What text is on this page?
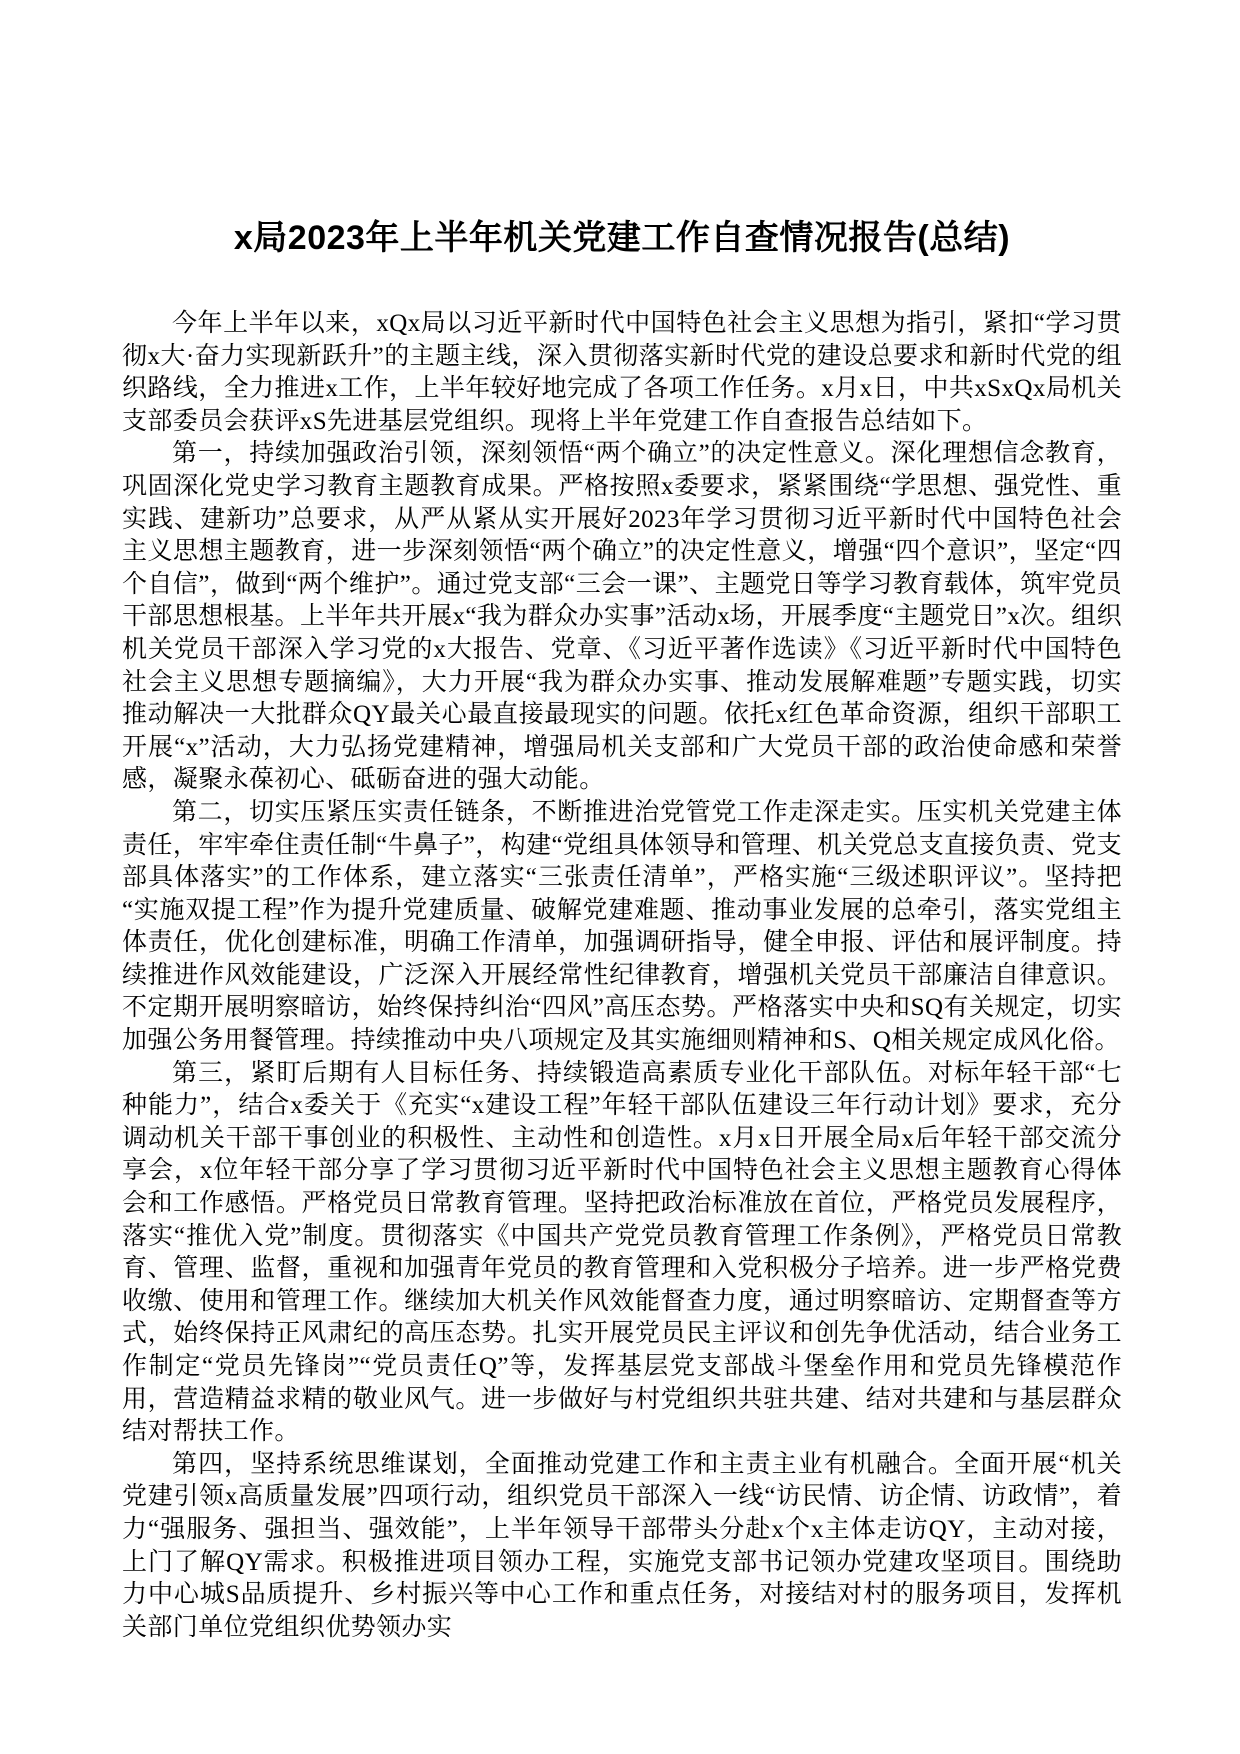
x局2023年上半年机关党建工作自查情况报告(总结)

今年上半年以来，xQx局以习近平新时代中国特色社会主义思想为指引，紧扣“学习贯彻x大·奋力实现新跃升”的主题主线，深入贯彻落实新时代党的建设总要求和新时代党的组织路线，全力推进x工作，上半年较好地完成了各项工作任务。x月x日，中共xSxQx局机关支部委员会获评xS先进基层党组织。现将上半年党建工作自查报告总结如下。

第一，持续加强政治引领，深刻领悟“两个确立”的决定性意义。深化理想信念教育，巩固深化党史学习教育主题教育成果。严格按照x委要求，紧紧围绕“学思想、强党性、重实践、建新功”总要求，从严从紧从实开展好2023年学习贯彻习近平新时代中国特色社会主义思想主题教育，进一步深刻领悟“两个确立”的决定性意义，增强“四个意识”，坚定“四个自信”，做到“两个维护”。通过党支部“三会一课”、主题党日等学习教育载体，筑牢党员干部思想根基。上半年共开展x“我为群众办实事”活动x场，开展季度“主题党日”x次。组织机关党员干部深入学习党的x大报告、党章、《习近平著作选读》《习近平新时代中国特色社会主义思想专题摘编》，大力开展“我为群众办实事、推动发展解难题”专题实践，切实推动解决一大批群众QY最关心最直接最现实的问题。依托x红色革命资源，组织干部职工开展“x”活动，大力弘扬党建精神，增强局机关支部和广大党员干部的政治使命感和荣誉感，凝聚永葆初心、砥砺奋进的强大动能。

第二，切实压紧压实责任链条，不断推进治党管党工作走深走实。压实机关党建主体责任，牢牢牵住责任制“牛鼻子”，构建“党组具体领导和管理、机关党总支直接负责、党支部具体落实”的工作体系，建立落实“三张责任清单”，严格实施“三级述职评议”。坚持把“实施双提工程”作为提升党建质量、破解党建难题、推动事业发展的总牵引，落实党组主体责任，优化创建标准，明确工作清单，加强调研指导，健全申报、评估和展评制度。持续推进作风效能建设，广泛深入开展经常性纪律教育，增强机关党员干部廉洁自律意识。不定期开展明察暗访，始终保持纠治“四风”高压态势。严格落实中央和SQ有关规定，切实加强公务用餐管理。持续推动中央八项规定及其实施细则精神和S、Q相关规定成风化俗。

第三，紧盯后期有人目标任务、持续锻造高素质专业化干部队伍。对标年轻干部“七种能力”，结合x委关于《充实“x建设工程”年轻干部队伍建设三年行动计划》要求，充分调动机关干部干事创业的积极性、主动性和创造性。x月x日开展全局x后年轻干部交流分享会，x位年轻干部分享了学习贯彻习近平新时代中国特色社会主义思想主题教育心得体会和工作感悟。严格党员日常教育管理。坚持把政治标准放在首位，严格党员发展程序，落实“推优入党”制度。贯彻落实《中国共产党党员教育管理工作条例》，严格党员日常教育、管理、监督，重视和加强青年党员的教育管理和入党积极分子培养。进一步严格党费收缴、使用和管理工作。继续加大机关作风效能督查力度，通过明察暗访、定期督查等方式，始终保持正风肃纪的高压态势。扎实开展党员民主评议和创先争优活动，结合业务工作制定“党员先锋岗”“党员责任Q”等，发挥基层党支部战斗堡垒作用和党员先锋模范作用，营造精益求精的敬业风气。进一步做好与村党组织共驻共建、结对共建和与基层群众结对帮扶工作。

第四，坚持系统思维谋划，全面推动党建工作和主责主业有机融合。全面开展“机关党建引领x高质量发展”四项行动，组织党员干部深入一线“访民情、访企情、访政情”，着力“强服务、强担当、强效能”，上半年领导干部带头分赴x个x主体走访QY，主动对接，上门了解QY需求。积极推进项目领办工程，实施党支部书记领办党建攻坚项目。围绕助力中心城S品质提升、乡村振兴等中心工作和重点任务，对接结对村的服务项目，发挥机关部门单位党组织优势领办实
